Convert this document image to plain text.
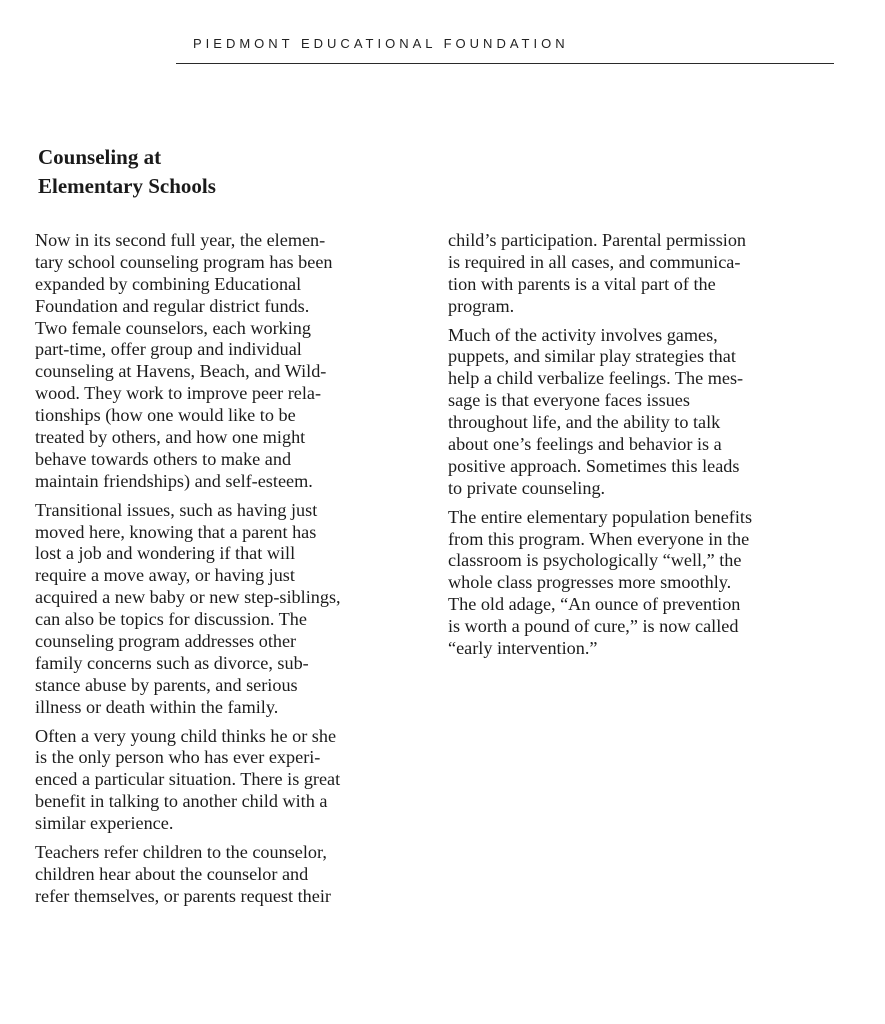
PIEDMONT EDUCATIONAL FOUNDATION
Counseling at
Elementary Schools
Now in its second full year, the elemen-
tary school counseling program has been
expanded by combining Educational
Foundation and regular district funds.
Two female counselors, each working
part-time, offer group and individual
counseling at Havens, Beach, and Wild-
wood. They work to improve peer rela-
tionships (how one would like to be
treated by others, and how one might
behave towards others to make and
maintain friendships) and self-esteem.
Transitional issues, such as having just
moved here, knowing that a parent has
lost a job and wondering if that will
require a move away, or having just
acquired a new baby or new step-siblings,
can also be topics for discussion. The
counseling program addresses other
family concerns such as divorce, sub-
stance abuse by parents, and serious
illness or death within the family.
Often a very young child thinks he or she
is the only person who has ever experi-
enced a particular situation. There is great
benefit in talking to another child with a
similar experience.
Teachers refer children to the counselor,
children hear about the counselor and
refer themselves, or parents request their
child’s participation. Parental permission
is required in all cases, and communica-
tion with parents is a vital part of the
program.
Much of the activity involves games,
puppets, and similar play strategies that
help a child verbalize feelings. The mes-
sage is that everyone faces issues
throughout life, and the ability to talk
about one’s feelings and behavior is a
positive approach. Sometimes this leads
to private counseling.
The entire elementary population benefits
from this program. When everyone in the
classroom is psychologically “well,” the
whole class progresses more smoothly.
The old adage, “An ounce of prevention
is worth a pound of cure,” is now called
“early intervention.”
